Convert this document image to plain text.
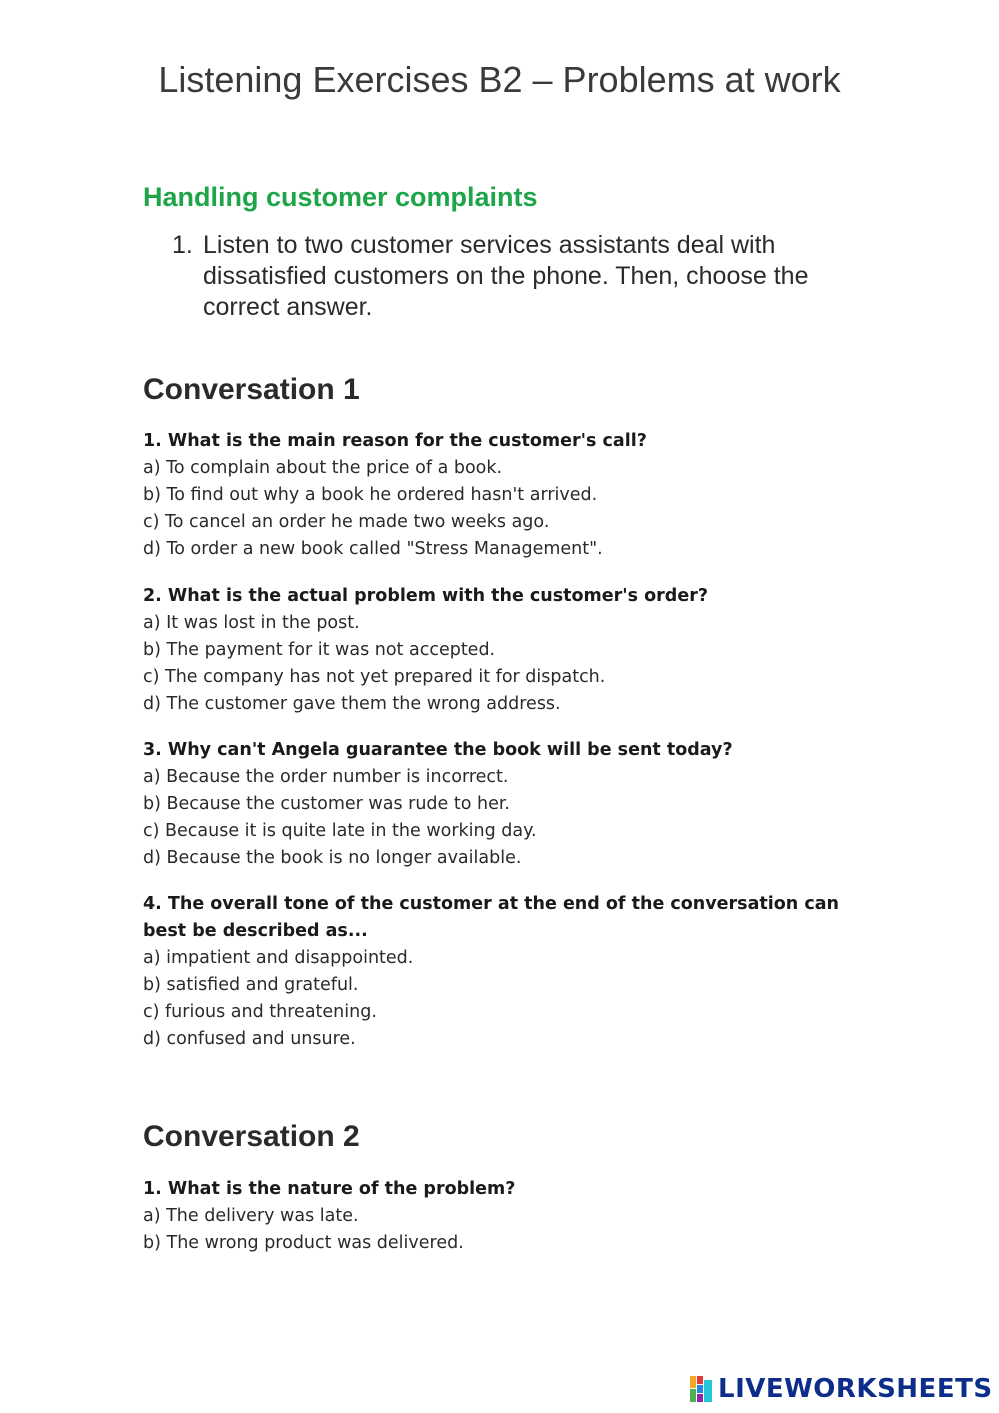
Listening Exercises B2 – Problems at work
Handling customer complaints
1. Listen to two customer services assistants deal with dissatisfied customers on the phone. Then, choose the correct answer.
Conversation 1

1. What is the main reason for the customer's call?

a) To complain about the price of a book.

b) To find out why a book he ordered hasn't arrived.

c) To cancel an order he made two weeks ago.

d) To order a new book called "Stress Management".

2. What is the actual problem with the customer's order?

a) It was lost in the post.

b) The payment for it was not accepted.

c) The company has not yet prepared it for dispatch.

d) The customer gave them the wrong address.

3. Why can't Angela guarantee the book will be sent today?

a) Because the order number is incorrect.

b) Because the customer was rude to her.

c) Because it is quite late in the working day.

d) Because the book is no longer available.

4. The overall tone of the customer at the end of the conversation can best be described as...

a) impatient and disappointed.

b) satisfied and grateful.

c) furious and threatening.

d) confused and unsure.

Conversation 2

1. What is the nature of the problem?

a) The delivery was late.

b) The wrong product was delivered.

LIVEWORKSHEETS
